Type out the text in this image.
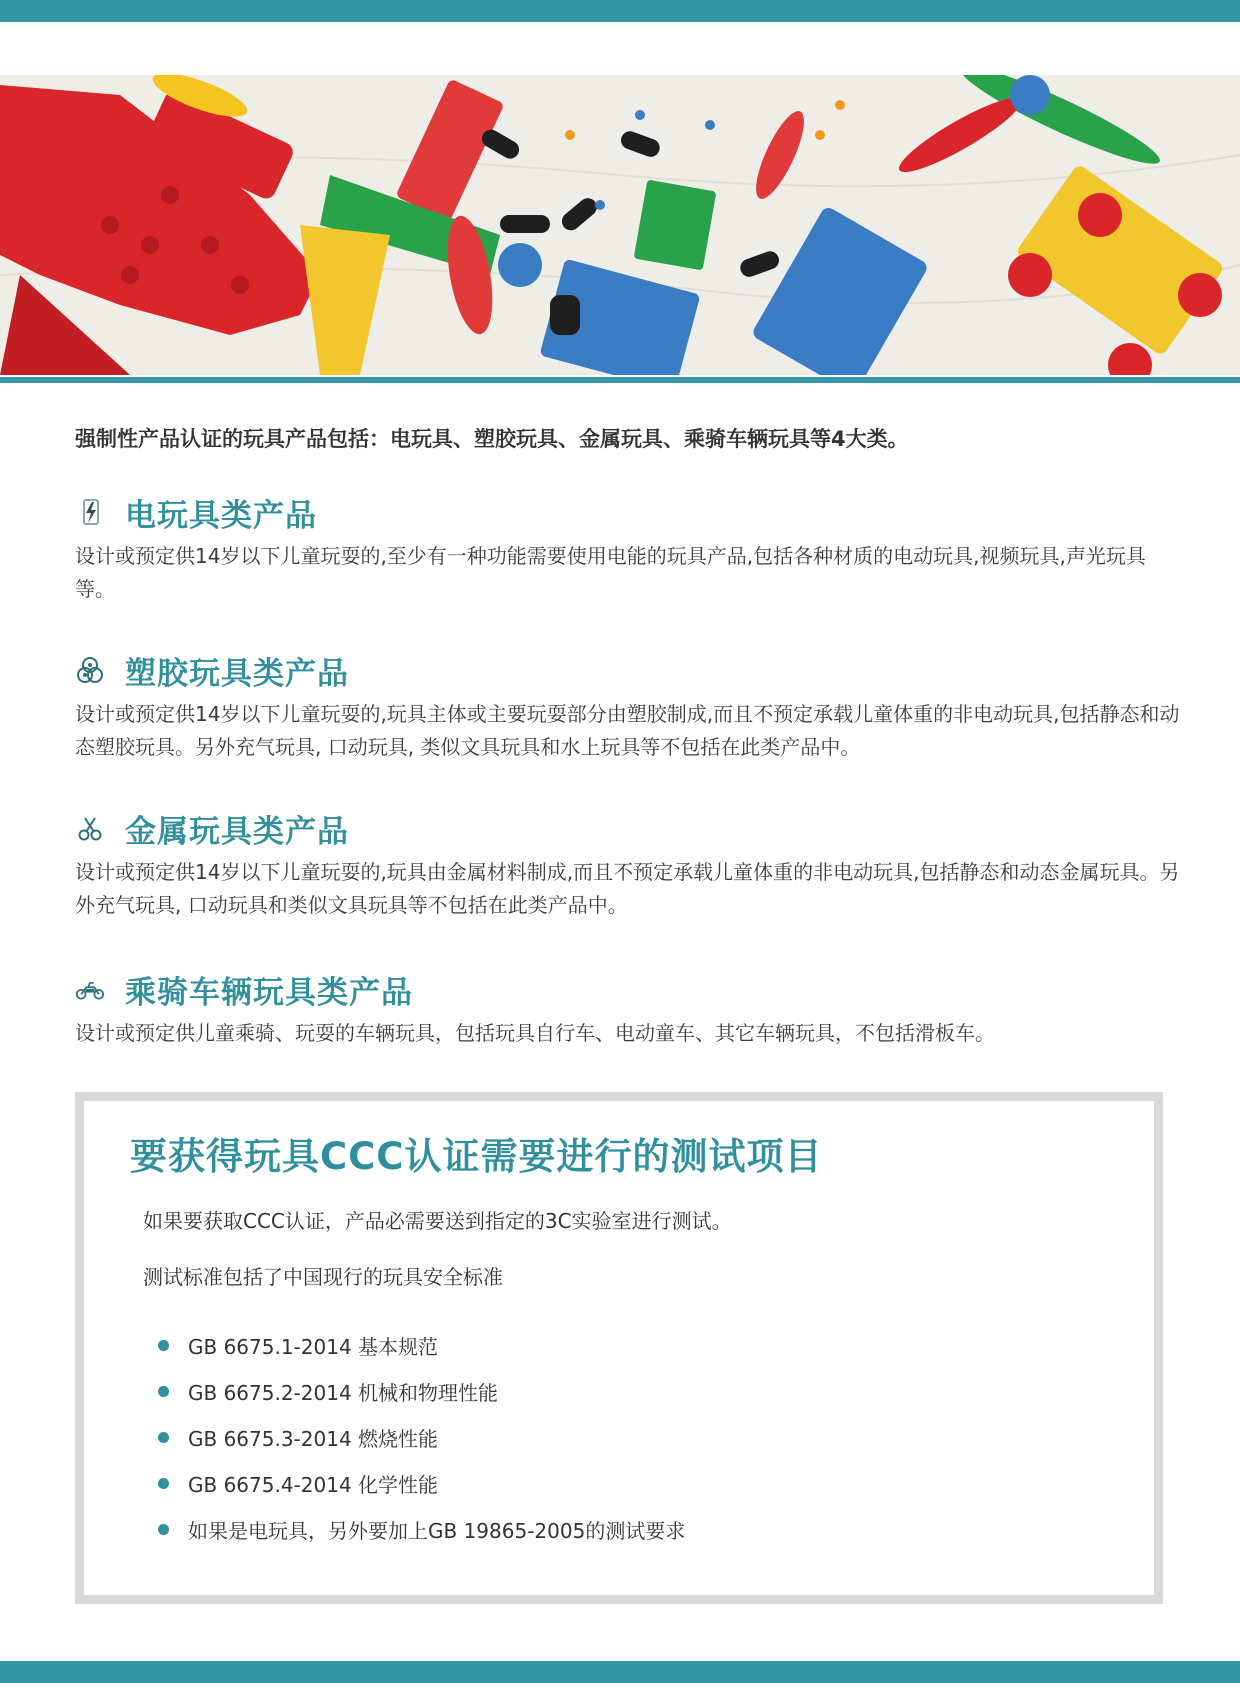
强制性产品认证的玩具产品包括：电玩具、塑胶玩具、金属玩具、乘骑车辆玩具等4大类。
电玩具类产品
设计或预定供14岁以下儿童玩耍的,至少有一种功能需要使用电能的玩具产品,包括各种材质的电动玩具,视频玩具,声光玩具等。
塑胶玩具类产品
设计或预定供14岁以下儿童玩耍的,玩具主体或主要玩耍部分由塑胶制成,而且不预定承载儿童体重的非电动玩具,包括静态和动态塑胶玩具。另外充气玩具, 口动玩具, 类似文具玩具和水上玩具等不包括在此类产品中。
金属玩具类产品
设计或预定供14岁以下儿童玩耍的,玩具由金属材料制成,而且不预定承载儿童体重的非电动玩具,包括静态和动态金属玩具。另外充气玩具, 口动玩具和类似文具玩具等不包括在此类产品中。
乘骑车辆玩具类产品
设计或预定供儿童乘骑、玩耍的车辆玩具，包括玩具自行车、电动童车、其它车辆玩具，不包括滑板车。
要获得玩具CCC认证需要进行的测试项目
如果要获取CCC认证，产品必需要送到指定的3C实验室进行测试。
测试标准包括了中国现行的玩具安全标准
GB 6675.1-2014 基本规范
GB 6675.2-2014 机械和物理性能
GB 6675.3-2014 燃烧性能
GB 6675.4-2014 化学性能
如果是电玩具，另外要加上GB 19865-2005的测试要求
